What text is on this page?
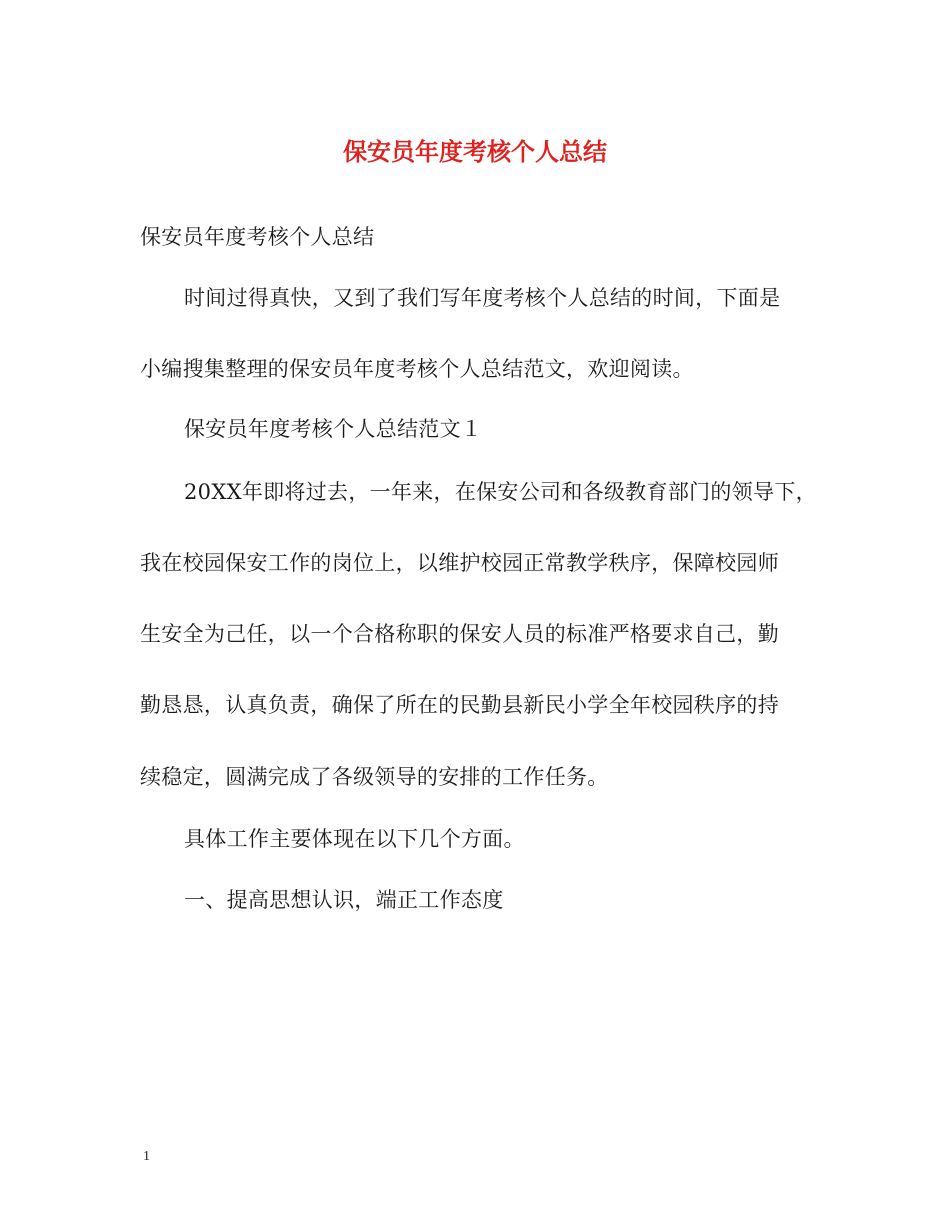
保安员年度考核个人总结
保安员年度考核个人总结
时间过得真快，又到了我们写年度考核个人总结的时间，下面是
小编搜集整理的保安员年度考核个人总结范文，欢迎阅读。
保安员年度考核个人总结范文１
20XX年即将过去，一年来，在保安公司和各级教育部门的领导下，
我在校园保安工作的岗位上，以维护校园正常教学秩序，保障校园师
生安全为己任，以一个合格称职的保安人员的标准严格要求自己，勤
勤恳恳，认真负责，确保了所在的民勤县新民小学全年校园秩序的持
续稳定，圆满完成了各级领导的安排的工作任务。
具体工作主要体现在以下几个方面。
一、提高思想认识，端正工作态度
1
